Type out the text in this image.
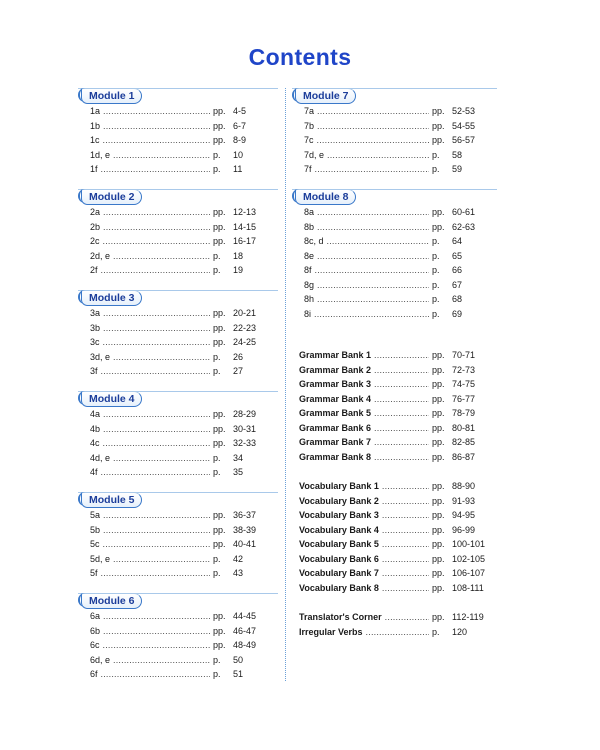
Contents
Module 1
1a .....	pp. 4-5
1b .....	pp. 6-7
1c .....	pp. 8-9
1d, e .....	p.	10
1f .....	p.	11
Module 2
2a .....	pp. 12-13
2b .....	pp. 14-15
2c .....	pp. 16-17
2d, e .....	p.	18
2f .....	p.	19
Module 3
3a .....	pp. 20-21
3b .....	pp. 22-23
3c .....	pp. 24-25
3d, e .....	p.	26
3f .....	p.	27
Module 4
4a .....	pp. 28-29
4b .....	pp. 30-31
4c .....	pp. 32-33
4d, e .....	p.	34
4f .....	p.	35
Module 5
5a .....	pp. 36-37
5b .....	pp. 38-39
5c .....	pp. 40-41
5d, e .....	p.	42
5f .....	p.	43
Module 6
6a .....	pp. 44-45
6b .....	pp. 46-47
6c .....	pp. 48-49
6d, e .....	p.	50
6f .....	p.	51
Module 7
7a .....	pp. 52-53
7b .....	pp. 54-55
7c .....	pp. 56-57
7d, e .....	p.	58
7f .....	p.	59
Module 8
8a .....	pp. 60-61
8b .....	pp. 62-63
8c, d .....	p.	64
8e .....	p.	65
8f .....	p.	66
8g .....	p.	67
8h .....	p.	68
8i .....	p.	69
Grammar Bank 1 .....	pp. 70-71
Grammar Bank 2 .....	pp. 72-73
Grammar Bank 3 .....	pp. 74-75
Grammar Bank 4 .....	pp. 76-77
Grammar Bank 5 .....	pp. 78-79
Grammar Bank 6 .....	pp. 80-81
Grammar Bank 7 .....	pp. 82-85
Grammar Bank 8 .....	pp. 86-87
Vocabulary Bank 1 .....	pp. 88-90
Vocabulary Bank 2 .....	pp. 91-93
Vocabulary Bank 3 .....	pp. 94-95
Vocabulary Bank 4 .....	pp. 96-99
Vocabulary Bank 5 .....	pp. 100-101
Vocabulary Bank 6 .....	pp. 102-105
Vocabulary Bank 7 .....	pp. 106-107
Vocabulary Bank 8 .....	pp. 108-111
Translator's Corner .....	pp. 112-119
Irregular Verbs .....	p.	120
